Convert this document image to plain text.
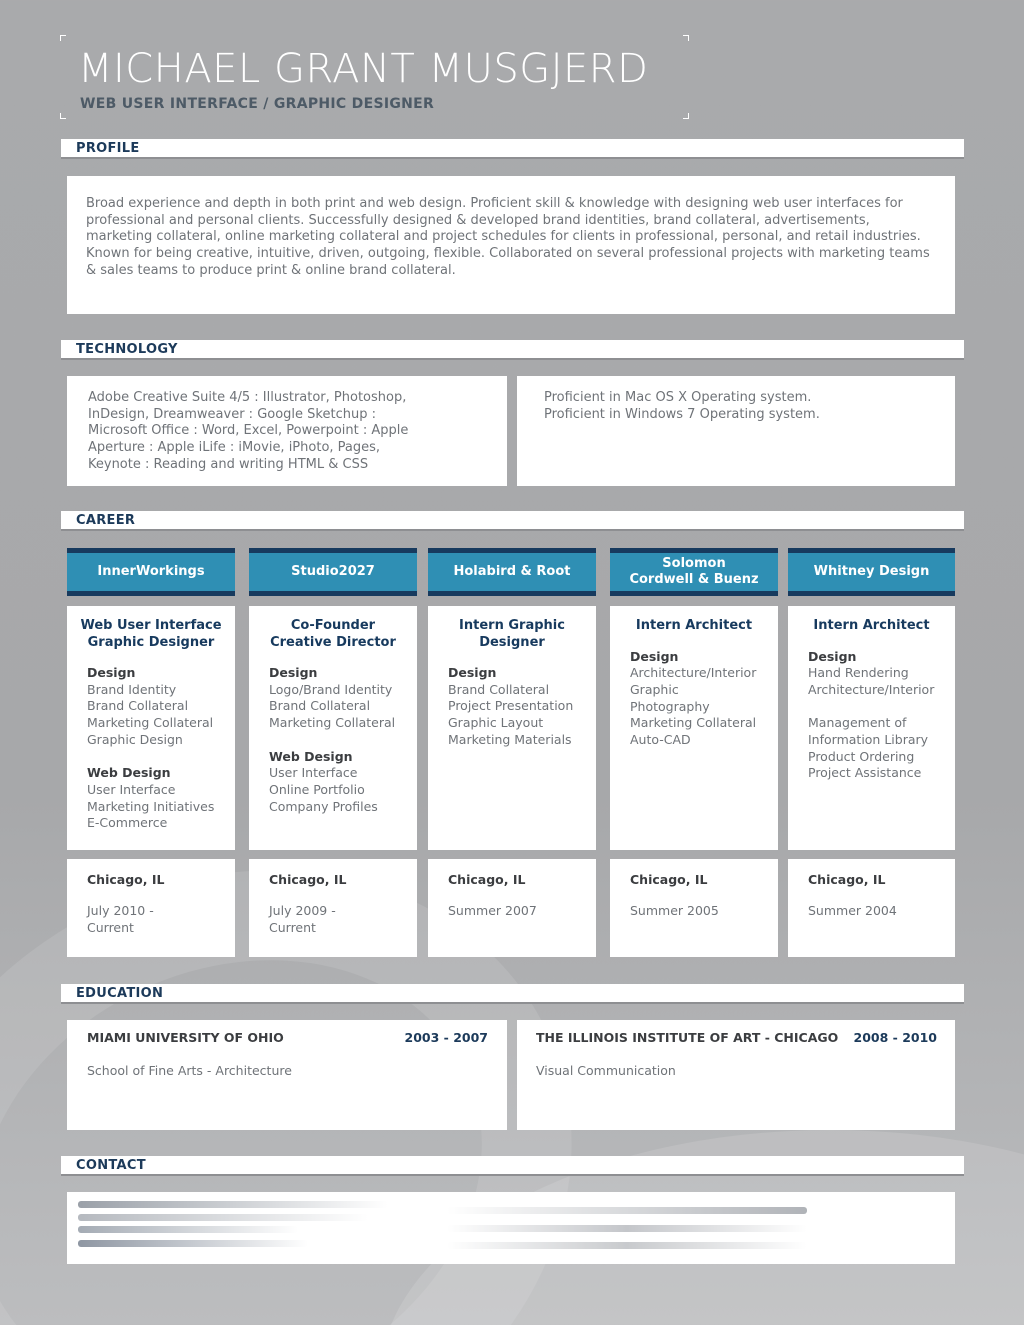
MICHAEL GRANT MUSGJERD
WEB USER INTERFACE / GRAPHIC DESIGNER
PROFILE
Broad experience and depth in both print and web design. Proficient skill & knowledge with designing web user interfaces for professional and personal clients. Successfully designed & developed brand identities, brand collateral, advertisements, marketing collateral, online marketing collateral and project schedules for clients in professional, personal, and retail industries. Known for being creative, intuitive, driven, outgoing, flexible. Collaborated on several professional projects with marketing teams & sales teams to produce print & online brand collateral.
TECHNOLOGY
Adobe Creative Suite 4/5 : Illustrator, Photoshop, InDesign, Dreamweaver : Google Sketchup : Microsoft Office : Word, Excel, Powerpoint : Apple Aperture : Apple iLife : iMovie, iPhoto, Pages, Keynote : Reading and writing HTML & CSS
Proficient in Mac OS X Operating system.
Proficient in Windows 7 Operating system.
CAREER
InnerWorkings
Web User Interface Graphic Designer
Design
Brand Identity
Brand Collateral
Marketing Collateral
Graphic Design
Web Design
User Interface
Marketing Initiatives
E-Commerce
Chicago, IL
July 2010 -
Current
Studio2027
Co-Founder Creative Director
Design
Logo/Brand Identity
Brand Collateral
Marketing Collateral
Web Design
User Interface
Online Portfolio
Company Profiles
Chicago, IL
July 2009 -
Current
Holabird & Root
Intern Graphic Designer
Design
Brand Collateral
Project Presentation
Graphic Layout
Marketing Materials
Chicago, IL
Summer 2007
Solomon Cordwell & Buenz
Intern Architect
Design
Architecture/Interior
Graphic
Photography
Marketing Collateral
Auto-CAD
Chicago, IL
Summer 2005
Whitney Design
Intern Architect
Design
Hand Rendering
Architecture/Interior
Management of
Information Library
Product Ordering
Project Assistance
Chicago, IL
Summer 2004
EDUCATION
MIAMI UNIVERSITY OF OHIO	2003 - 2007
School of Fine Arts - Architecture
THE ILLINOIS INSTITUTE OF ART - CHICAGO 2008 - 2010
Visual Communication
CONTACT
